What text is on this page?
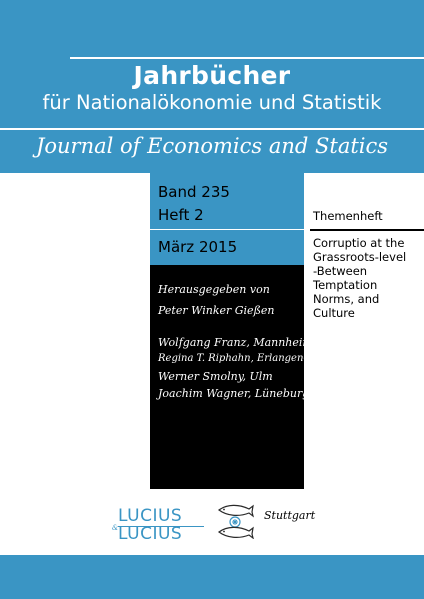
Jahrbücher

für Nationalökonomie und Statistik

Journal of Economics and Statics

Band 235

Heft 2

März 2015

Herausgegeben von

Peter Winker Gießen

Wolfgang Franz, Mannheim

Regina T. Riphahn, Erlangen-Nürnberg

Werner Smolny, Ulm

Joachim Wagner, Lüneburg

Themenheft

Corruptio at the

Grassroots-level

-Between

Temptation

Norms, and

Culture

LUCIUS

& LUCIUS

Stuttgart
